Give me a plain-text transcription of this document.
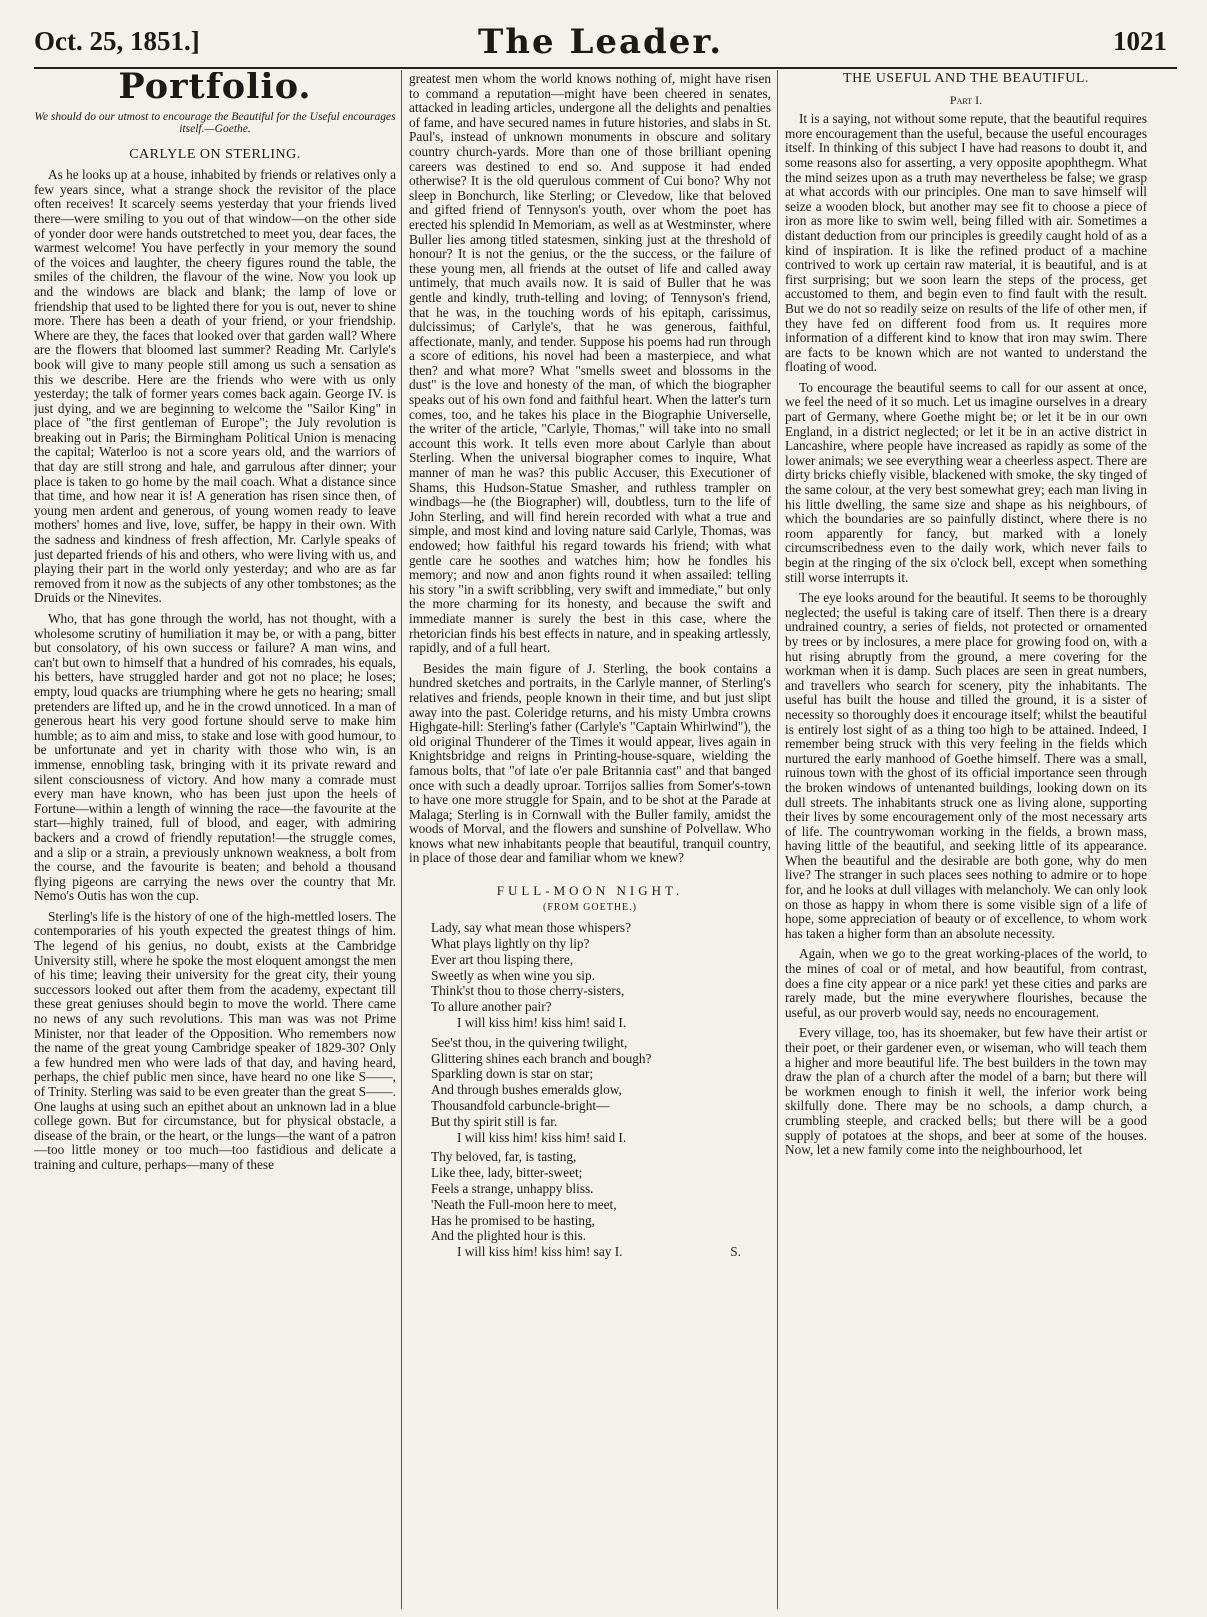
Oct. 25, 1851.]	The Leader.	1021
Portfolio.
We should do our utmost to encourage the Beautiful for the Useful encourages itself.—Goethe.
CARLYLE ON STERLING.

As he looks up at a house, inhabited by friends or relatives only a few years since, what a strange shock the revisitor of the place often receives! It scarcely seems yesterday that your friends lived there—were smiling to you out of that window—on the other side of yonder door were hands outstretched to meet you, dear faces, the warmest welcome! You have perfectly in your memory the sound of the voices and laughter, the cheery figures round the table, the smiles of the children, the flavour of the wine. Now you look up and the windows are black and blank; the lamp of love or friendship that used to be lighted there for you is out, never to shine more. There has been a death of your friend, or your friendship. Where are they, the faces that looked over that garden wall? Where are the flowers that bloomed last summer? Reading Mr. Carlyle's book will give to many people still among us such a sensation as this we describe. Here are the friends who were with us only yesterday; the talk of former years comes back again. George IV. is just dying, and we are beginning to welcome the "Sailor King" in place of "the first gentleman of Europe"; the July revolution is breaking out in Paris; the Birmingham Political Union is menacing the capital; Waterloo is not a score years old, and the warriors of that day are still strong and hale, and garrulous after dinner; your place is taken to go home by the mail coach. What a distance since that time, and how near it is! A generation has risen since then, of young men ardent and generous, of young women ready to leave mothers' homes and live, love, suffer, be happy in their own. With the sadness and kindness of fresh affection, Mr. Carlyle speaks of just departed friends of his and others, who were living with us, and playing their part in the world only yesterday; and who are as far removed from it now as the subjects of any other tombstones; as the Druids or the Ninevites.

Who, that has gone through the world, has not thought, with a wholesome scrutiny of humiliation it may be, or with a pang, bitter but consolatory, of his own success or failure? A man wins, and can't but own to himself that a hundred of his comrades, his equals, his betters, have struggled harder and got not no place; he loses; empty, loud quacks are triumphing where he gets no hearing; small pretenders are lifted up, and he in the crowd unnoticed. In a man of generous heart his very good fortune should serve to make him humble; as to aim and miss, to stake and lose with good humour, to be unfortunate and yet in charity with those who win, is an immense, ennobling task, bringing with it its private reward and silent consciousness of victory. And how many a comrade must every man have known, who has been just upon the heels of Fortune—within a length of winning the race—the favourite at the start—highly trained, full of blood, and eager, with admiring backers and a crowd of friendly reputation!—the struggle comes, and a slip or a strain, a previously unknown weakness, a bolt from the course, and the favourite is beaten; and behold a thousand flying pigeons are carrying the news over the country that Mr. Nemo's Outis has won the cup.

Sterling's life is the history of one of the high-mettled losers. The contemporaries of his youth expected the greatest things of him. The legend of his genius, no doubt, exists at the Cambridge University still, where he spoke the most eloquent amongst the men of his time; leaving their university for the great city, their young successors looked out after them from the academy, expectant till these great geniuses should begin to move the world. There came no news of any such revolutions. This man was was not Prime Minister, nor that leader of the Opposition. Who remembers now the name of the great young Cambridge speaker of 1829-30? Only a few hundred men who were lads of that day, and having heard, perhaps, the chief public men since, have heard no one like S——, of Trinity. Sterling was said to be even greater than the great S——. One laughs at using such an epithet about an unknown lad in a blue college gown. But for circumstance, but for physical obstacle, a disease of the brain, or the heart, or the lungs—the want of a patron—too little money or too much—too fastidious and delicate a training and culture, perhaps—many of these

greatest men whom the world knows nothing of, might have risen to command a reputation—might have been cheered in senates, attacked in leading articles, undergone all the delights and penalties of fame, and have secured names in future histories, and slabs in St. Paul's, instead of unknown monuments in obscure and solitary country church-yards. More than one of those brilliant opening careers was destined to end so. And suppose it had ended otherwise? It is the old querulous comment of Cui bono? Why not sleep in Bonchurch, like Sterling; or Clevedow, like that beloved and gifted friend of Tennyson's youth, over whom the poet has erected his splendid In Memoriam, as well as at Westminster, where Buller lies among titled statesmen, sinking just at the threshold of honour? It is not the genius, or the the success, or the failure of these young men, all friends at the outset of life and called away untimely, that much avails now. It is said of Buller that he was gentle and kindly, truth-telling and loving; of Tennyson's friend, that he was, in the touching words of his epitaph, carissimus, dulcissimus; of Carlyle's, that he was generous, faithful, affectionate, manly, and tender. Suppose his poems had run through a score of editions, his novel had been a masterpiece, and what then? and what more? What "smells sweet and blossoms in the dust" is the love and honesty of the man, of which the biographer speaks out of his own fond and faithful heart. When the latter's turn comes, too, and he takes his place in the Biographie Universelle, the writer of the article, "Carlyle, Thomas," will take into no small account this work. It tells even more about Carlyle than about Sterling. When the universal biographer comes to inquire, What manner of man he was? this public Accuser, this Executioner of Shams, this Hudson-Statue Smasher, and ruthless trampler on windbags—he (the Biographer) will, doubtless, turn to the life of John Sterling, and will find herein recorded with what a true and simple, and most kind and loving nature said Carlyle, Thomas, was endowed; how faithful his regard towards his friend; with what gentle care he soothes and watches him; how he fondles his memory; and now and anon fights round it when assailed: telling his story "in a swift scribbling, very swift and immediate," but only the more charming for its honesty, and because the swift and immediate manner is surely the best in this case, where the rhetorician finds his best effects in nature, and in speaking artlessly, rapidly, and of a full heart.

Besides the main figure of J. Sterling, the book contains a hundred sketches and portraits, in the Carlyle manner, of Sterling's relatives and friends, people known in their time, and but just slipt away into the past. Coleridge returns, and his misty Umbra crowns Highgate-hill: Sterling's father (Carlyle's "Captain Whirlwind"), the old original Thunderer of the Times it would appear, lives again in Knightsbridge and reigns in Printing-house-square, wielding the famous bolts, that "of late o'er pale Britannia cast" and that banged once with such a deadly uproar. Torrijos sallies from Somer's-town to have one more struggle for Spain, and to be shot at the Parade at Malaga; Sterling is in Cornwall with the Buller family, amidst the woods of Morval, and the flowers and sunshine of Polvellaw. Who knows what new inhabitants people that beautiful, tranquil country, in place of those dear and familiar whom we knew?

FULL-MOON NIGHT.
(FROM GOETHE.)
Lady, say what mean those whispers?
What plays lightly on thy lip?
Ever art thou lisping there,
Sweetly as when wine you sip.
Think'st thou to those cherry-sisters,
To allure another pair?
I will kiss him! kiss him! said I.
See'st thou, in the quivering twilight,
Glittering shines each branch and bough?
Sparkling down is star on star;
And through bushes emeralds glow,
Thousandfold carbuncle-bright—
But thy spirit still is far.
I will kiss him! kiss him! said I.
Thy beloved, far, is tasting,
Like thee, lady, bitter-sweet;
Feels a strange, unhappy bliss.
'Neath the Full-moon here to meet,
Has he promised to be hasting,
And the plighted hour is this.
I will kiss him! kiss him! say I.	S.
THE USEFUL AND THE BEAUTIFUL.
Part I.

It is a saying, not without some repute, that the beautiful requires more encouragement than the useful, because the useful encourages itself. In thinking of this subject I have had reasons to doubt it, and some reasons also for asserting, a very opposite apophthegm. What the mind seizes upon as a truth may nevertheless be false; we grasp at what accords with our principles. One man to save himself will seize a wooden block, but another may see fit to choose a piece of iron as more like to swim well, being filled with air. Sometimes a distant deduction from our principles is greedily caught hold of as a kind of inspiration. It is like the refined product of a machine contrived to work up certain raw material, it is beautiful, and is at first surprising; but we soon learn the steps of the process, get accustomed to them, and begin even to find fault with the result. But we do not so readily seize on results of the life of other men, if they have fed on different food from us. It requires more information of a different kind to know that iron may swim. There are facts to be known which are not wanted to understand the floating of wood.

To encourage the beautiful seems to call for our assent at once, we feel the need of it so much. Let us imagine ourselves in a dreary part of Germany, where Goethe might be; or let it be in our own England, in a district neglected; or let it be in an active district in Lancashire, where people have increased as rapidly as some of the lower animals; we see everything wear a cheerless aspect. There are dirty bricks chiefly visible, blackened with smoke, the sky tinged of the same colour, at the very best somewhat grey; each man living in his little dwelling, the same size and shape as his neighbours, of which the boundaries are so painfully distinct, where there is no room apparently for fancy, but marked with a lonely circumscribedness even to the daily work, which never fails to begin at the ringing of the six o'clock bell, except when something still worse interrupts it.

The eye looks around for the beautiful. It seems to be thoroughly neglected; the useful is taking care of itself. Then there is a dreary undrained country, a series of fields, not protected or ornamented by trees or by inclosures, a mere place for growing food on, with a hut rising abruptly from the ground, a mere covering for the workman when it is damp. Such places are seen in great numbers, and travellers who search for scenery, pity the inhabitants. The useful has built the house and tilled the ground, it is a sister of necessity so thoroughly does it encourage itself; whilst the beautiful is entirely lost sight of as a thing too high to be attained. Indeed, I remember being struck with this very feeling in the fields which nurtured the early manhood of Goethe himself. There was a small, ruinous town with the ghost of its official importance seen through the broken windows of untenanted buildings, looking down on its dull streets. The inhabitants struck one as living alone, supporting their lives by some encouragement only of the most necessary arts of life. The countrywoman working in the fields, a brown mass, having little of the beautiful, and seeking little of its appearance. When the beautiful and the desirable are both gone, why do men live? The stranger in such places sees nothing to admire or to hope for, and he looks at dull villages with melancholy. We can only look on those as happy in whom there is some visible sign of a life of hope, some appreciation of beauty or of excellence, to whom work has taken a higher form than an absolute necessity.

Again, when we go to the great working-places of the world, to the mines of coal or of metal, and how beautiful, from contrast, does a fine city appear or a nice park! yet these cities and parks are rarely made, but the mine everywhere flourishes, because the useful, as our proverb would say, needs no encouragement.

Every village, too, has its shoemaker, but few have their artist or their poet, or their gardener even, or wiseman, who will teach them a higher and more beautiful life. The best builders in the town may draw the plan of a church after the model of a barn; but there will be workmen enough to finish it well, the inferior work being skilfully done. There may be no schools, a damp church, a crumbling steeple, and cracked bells; but there will be a good supply of potatoes at the shops, and beer at some of the houses. Now, let a new family come into the neighbourhood, let
